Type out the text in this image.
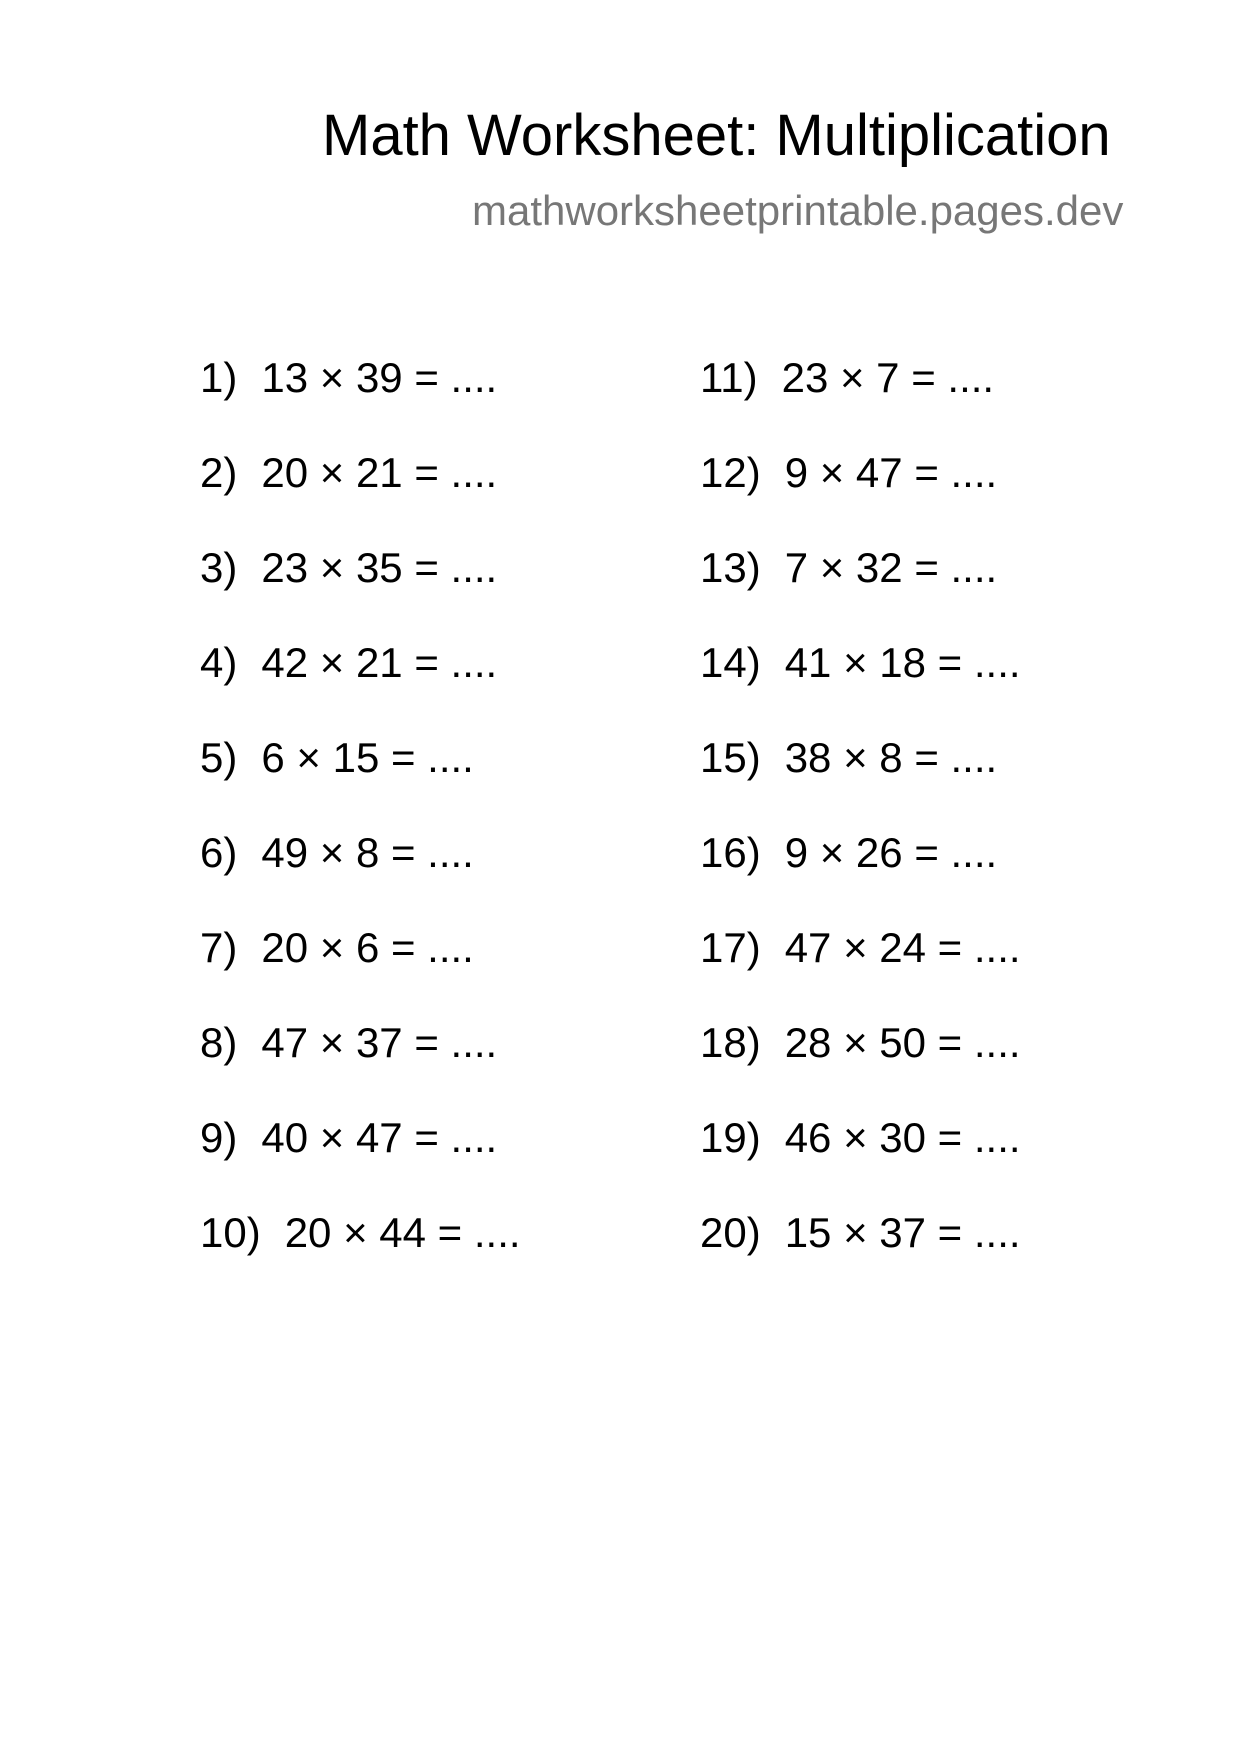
Math Worksheet: Multiplication
mathworksheetprintable.pages.dev
1) 13 × 39 = ....
2) 20 × 21 = ....
3) 23 × 35 = ....
4) 42 × 21 = ....
5) 6 × 15 = ....
6) 49 × 8 = ....
7) 20 × 6 = ....
8) 47 × 37 = ....
9) 40 × 47 = ....
10) 20 × 44 = ....
11) 23 × 7 = ....
12) 9 × 47 = ....
13) 7 × 32 = ....
14) 41 × 18 = ....
15) 38 × 8 = ....
16) 9 × 26 = ....
17) 47 × 24 = ....
18) 28 × 50 = ....
19) 46 × 30 = ....
20) 15 × 37 = ....
